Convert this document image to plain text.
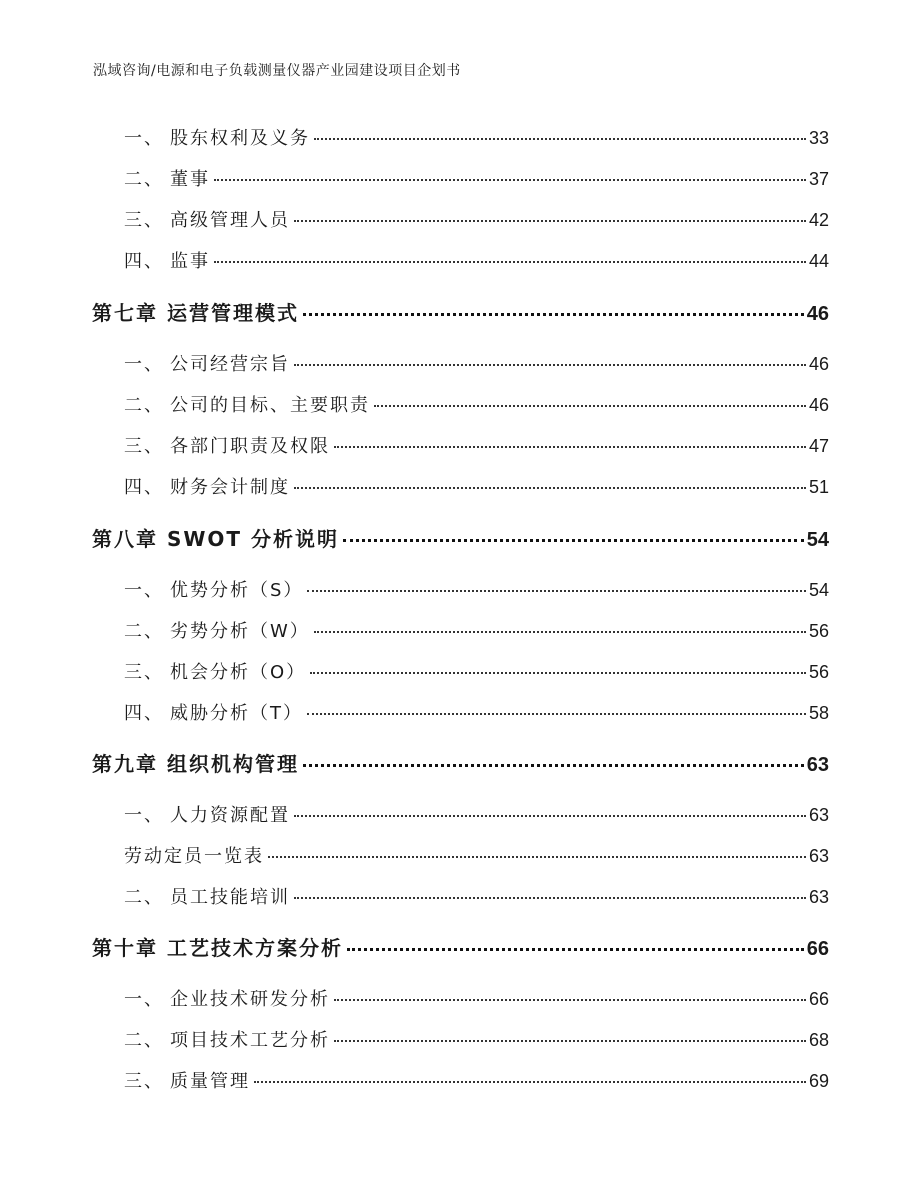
泓域咨询/电源和电子负载测量仪器产业园建设项目企划书
一、 股东权利及义务	33
二、 董事	37
三、 高级管理人员	42
四、 监事	44
第七章 运营管理模式	46
一、 公司经营宗旨	46
二、 公司的目标、主要职责	46
三、 各部门职责及权限	47
四、 财务会计制度	51
第八章 SWOT 分析说明	54
一、 优势分析（S）	54
二、 劣势分析（W）	56
三、 机会分析（O）	56
四、 威胁分析（T）	58
第九章 组织机构管理	63
一、 人力资源配置	63
劳动定员一览表	63
二、 员工技能培训	63
第十章 工艺技术方案分析	66
一、 企业技术研发分析	66
二、 项目技术工艺分析	68
三、 质量管理	69
